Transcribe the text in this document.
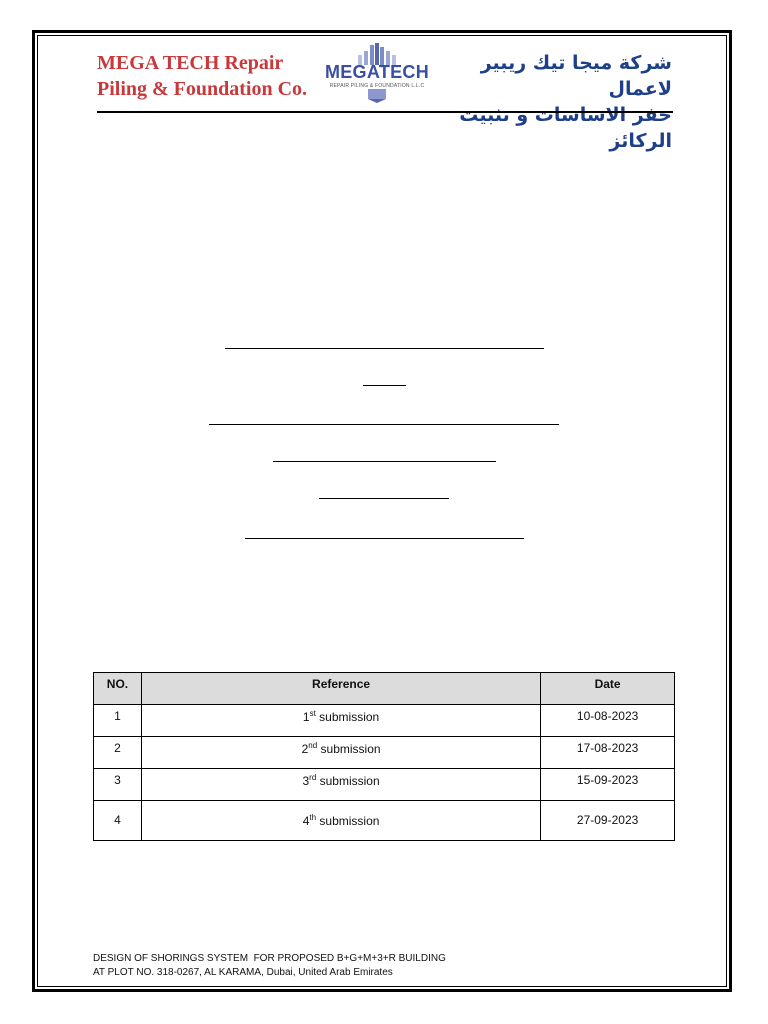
MEGA TECH Repair
Piling & Foundation Co.
MEGATECH
REPAIR PILING & FOUNDATION L.L.C
شركة ميجا تيك ريبير لاعمال
حفر الاساسات و تثبيت الركائز
NO.	Reference	Date
1	1st submission	10-08-2023
2	2nd submission	17-08-2023
3	3rd submission	15-09-2023
4	4th submission	27-09-2023
DESIGN OF SHORINGS SYSTEM  FOR PROPOSED B+G+M+3+R BUILDING
AT PLOT NO. 318-0267, AL KARAMA, Dubai, United Arab Emirates
